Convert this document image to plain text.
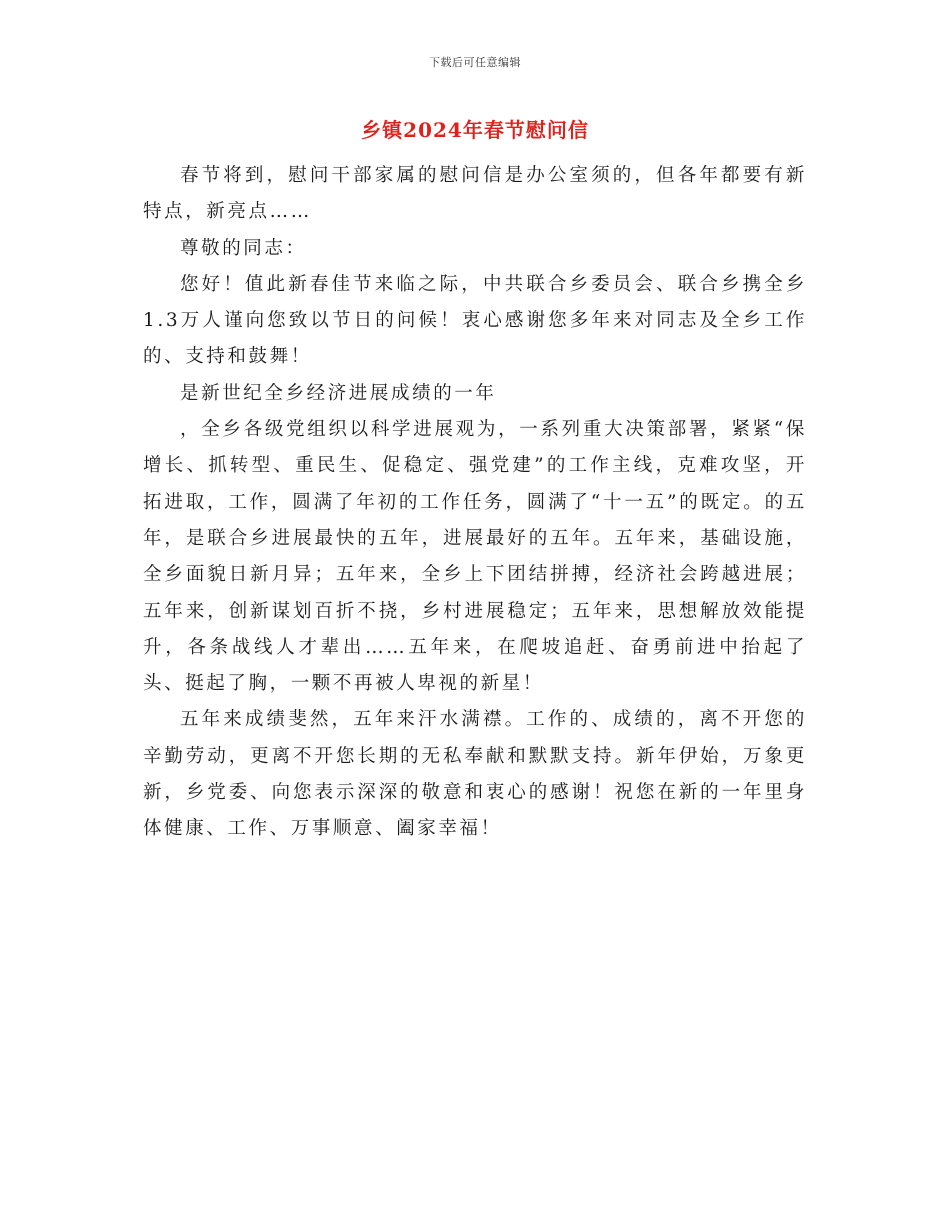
下载后可任意编辑
乡镇2024年春节慰问信

春节将到，慰问干部家属的慰问信是办公室须的，但各年都要有新特点，新亮点……

尊敬的同志：

您好！值此新春佳节来临之际，中共联合乡委员会、联合乡携全乡1.3万人谨向您致以节日的问候！衷心感谢您多年来对同志及全乡工作的、支持和鼓舞！

是新世纪全乡经济进展成绩的一年

，全乡各级党组织以科学进展观为，一系列重大决策部署，紧紧“保增长、抓转型、重民生、促稳定、强党建”的工作主线，克难攻坚，开拓进取，工作，圆满了年初的工作任务，圆满了“十一五”的既定。的五年，是联合乡进展最快的五年，进展最好的五年。五年来，基础设施，全乡面貌日新月异；五年来，全乡上下团结拼搏，经济社会跨越进展；五年来，创新谋划百折不挠，乡村进展稳定；五年来，思想解放效能提升，各条战线人才辈出……五年来，在爬坡追赶、奋勇前进中抬起了头、挺起了胸，一颗不再被人卑视的新星！

五年来成绩斐然，五年来汗水满襟。工作的、成绩的，离不开您的辛勤劳动，更离不开您长期的无私奉献和默默支持。新年伊始，万象更新，乡党委、向您表示深深的敬意和衷心的感谢！祝您在新的一年里身体健康、工作、万事顺意、阖家幸福！
